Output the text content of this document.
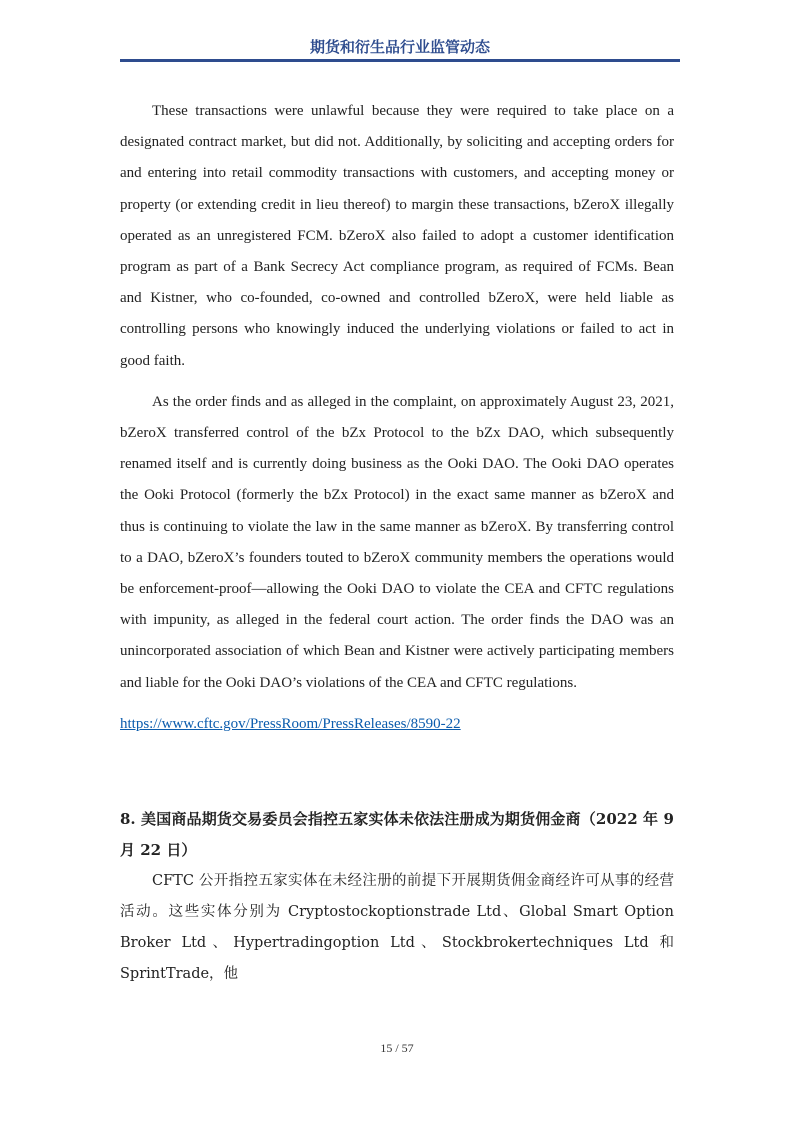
期货和衍生品行业监管动态

These transactions were unlawful because they were required to take place on a designated contract market, but did not. Additionally, by soliciting and accepting orders for and entering into retail commodity transactions with customers, and accepting money or property (or extending credit in lieu thereof) to margin these transactions, bZeroX illegally operated as an unregistered FCM. bZeroX also failed to adopt a customer identification program as part of a Bank Secrecy Act compliance program, as required of FCMs. Bean and Kistner, who co-founded, co-owned and controlled bZeroX, were held liable as controlling persons who knowingly induced the underlying violations or failed to act in good faith.

As the order finds and as alleged in the complaint, on approximately August 23, 2021, bZeroX transferred control of the bZx Protocol to the bZx DAO, which subsequently renamed itself and is currently doing business as the Ooki DAO. The Ooki DAO operates the Ooki Protocol (formerly the bZx Protocol) in the exact same manner as bZeroX and thus is continuing to violate the law in the same manner as bZeroX. By transferring control to a DAO, bZeroX’s founders touted to bZeroX community members the operations would be enforcement-proof—allowing the Ooki DAO to violate the CEA and CFTC regulations with impunity, as alleged in the federal court action. The order finds the DAO was an unincorporated association of which Bean and Kistner were actively participating members and liable for the Ooki DAO’s violations of the CEA and CFTC regulations.

https://www.cftc.gov/PressRoom/PressReleases/8590-22
8. 美国商品期货交易委员会指控五家实体未依法注册成为期货佣金商（2022 年 9 月 22 日）

CFTC 公开指控五家实体在未经注册的前提下开展期货佣金商经许可从事的经营活动。这些实体分别为 Cryptostockoptionstrade Ltd、Global Smart Option Broker Ltd、Hypertradingoption Ltd、Stockbrokertechniques Ltd 和 SprintTrade，他

15 / 57
